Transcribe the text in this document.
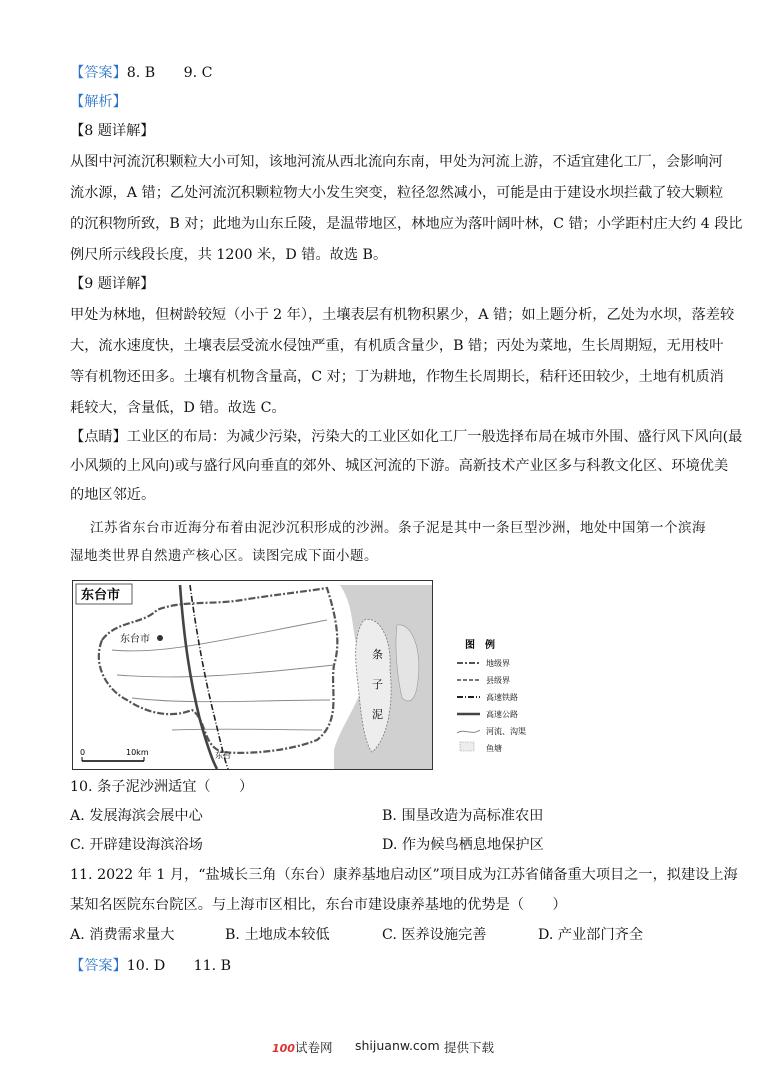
【答案】8. B　　9. C
【解析】
【8 题详解】
从图中河流沉积颗粒大小可知，该地河流从西北流向东南，甲处为河流上游，不适宜建化工厂，会影响河
流水源，A 错；乙处河流沉积颗粒物大小发生突变，粒径忽然减小，可能是由于建设水坝拦截了较大颗粒
的沉积物所致，B 对；此地为山东丘陵，是温带地区，林地应为落叶阔叶林，C 错；小学距村庄大约 4 段比
例尺所示线段长度，共 1200 米，D 错。故选 B。
【9 题详解】
甲处为林地，但树龄较短（小于 2 年），土壤表层有机物积累少，A 错；如上题分析，乙处为水坝，落差较
大，流水速度快，土壤表层受流水侵蚀严重，有机质含量少，B 错；丙处为菜地，生长周期短，无用枝叶
等有机物还田多。土壤有机物含量高，C 对；丁为耕地，作物生长周期长，秸秆还田较少，土地有机质消
耗较大，含量低，D 错。故选 C。
【点睛】工业区的布局：为减少污染，污染大的工业区如化工厂一般选择布局在城市外围、盛行风下风向(最
小风频的上风向)或与盛行风向垂直的郊外、城区河流的下游。高新技术产业区多与科教文化区、环境优美
的地区邻近。
江苏省东台市近海分布着由泥沙沉积形成的沙洲。条子泥是其中一条巨型沙洲，地处中国第一个滨海
湿地类世界自然遗产核心区。读图完成下面小题。
东台市
东台市
东台
条
子
泥
0	10km
图　例
地级界
县级界
高速铁路
高速公路
河流、沟渠
鱼塘
10. 条子泥沙洲适宜（　　）
A. 发展海滨会展中心	B. 围垦改造为高标准农田
C. 开辟建设海滨浴场	D. 作为候鸟栖息地保护区
11. 2022 年 1 月，“盐城长三角（东台）康养基地启动区”项目成为江苏省储备重大项目之一，拟建设上海
某知名医院东台院区。与上海市区相比，东台市建设康养基地的优势是（　　）
A. 消费需求量大	B. 土地成本较低	C. 医养设施完善	D. 产业部门齐全
【答案】10. D　　11. B
100试卷网 shijuanw.com 提供下载
